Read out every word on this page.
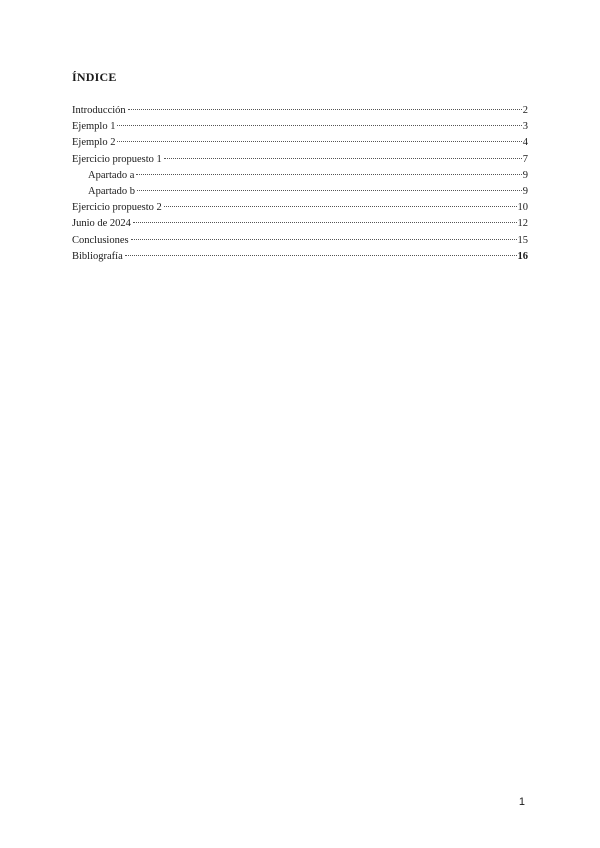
ÍNDICE
Introducción	2
Ejemplo 1	3
Ejemplo 2	4
Ejercicio propuesto 1	7
Apartado a	9
Apartado b	9
Ejercicio propuesto 2	10
Junio de 2024	12
Conclusiones	15
Bibliografía	16
1
